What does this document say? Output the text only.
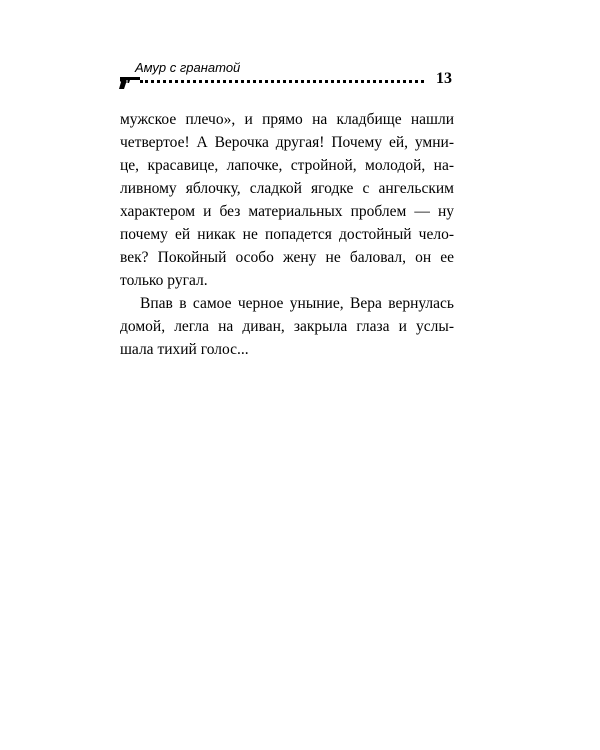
Амур с гранатой
13
мужское плечо», и прямо на кладбище нашли
четвертое! А Верочка другая! Почему ей, умни-
це, красавице, лапочке, стройной, молодой, на-
ливному яблочку, сладкой ягодке с ангельским
характером и без материальных проблем — ну
почему ей никак не попадется достойный чело-
век? Покойный особо жену не баловал, он ее
только ругал.
Впав в самое черное уныние, Вера вернулась
домой, легла на диван, закрыла глаза и услы-
шала тихий голос...
